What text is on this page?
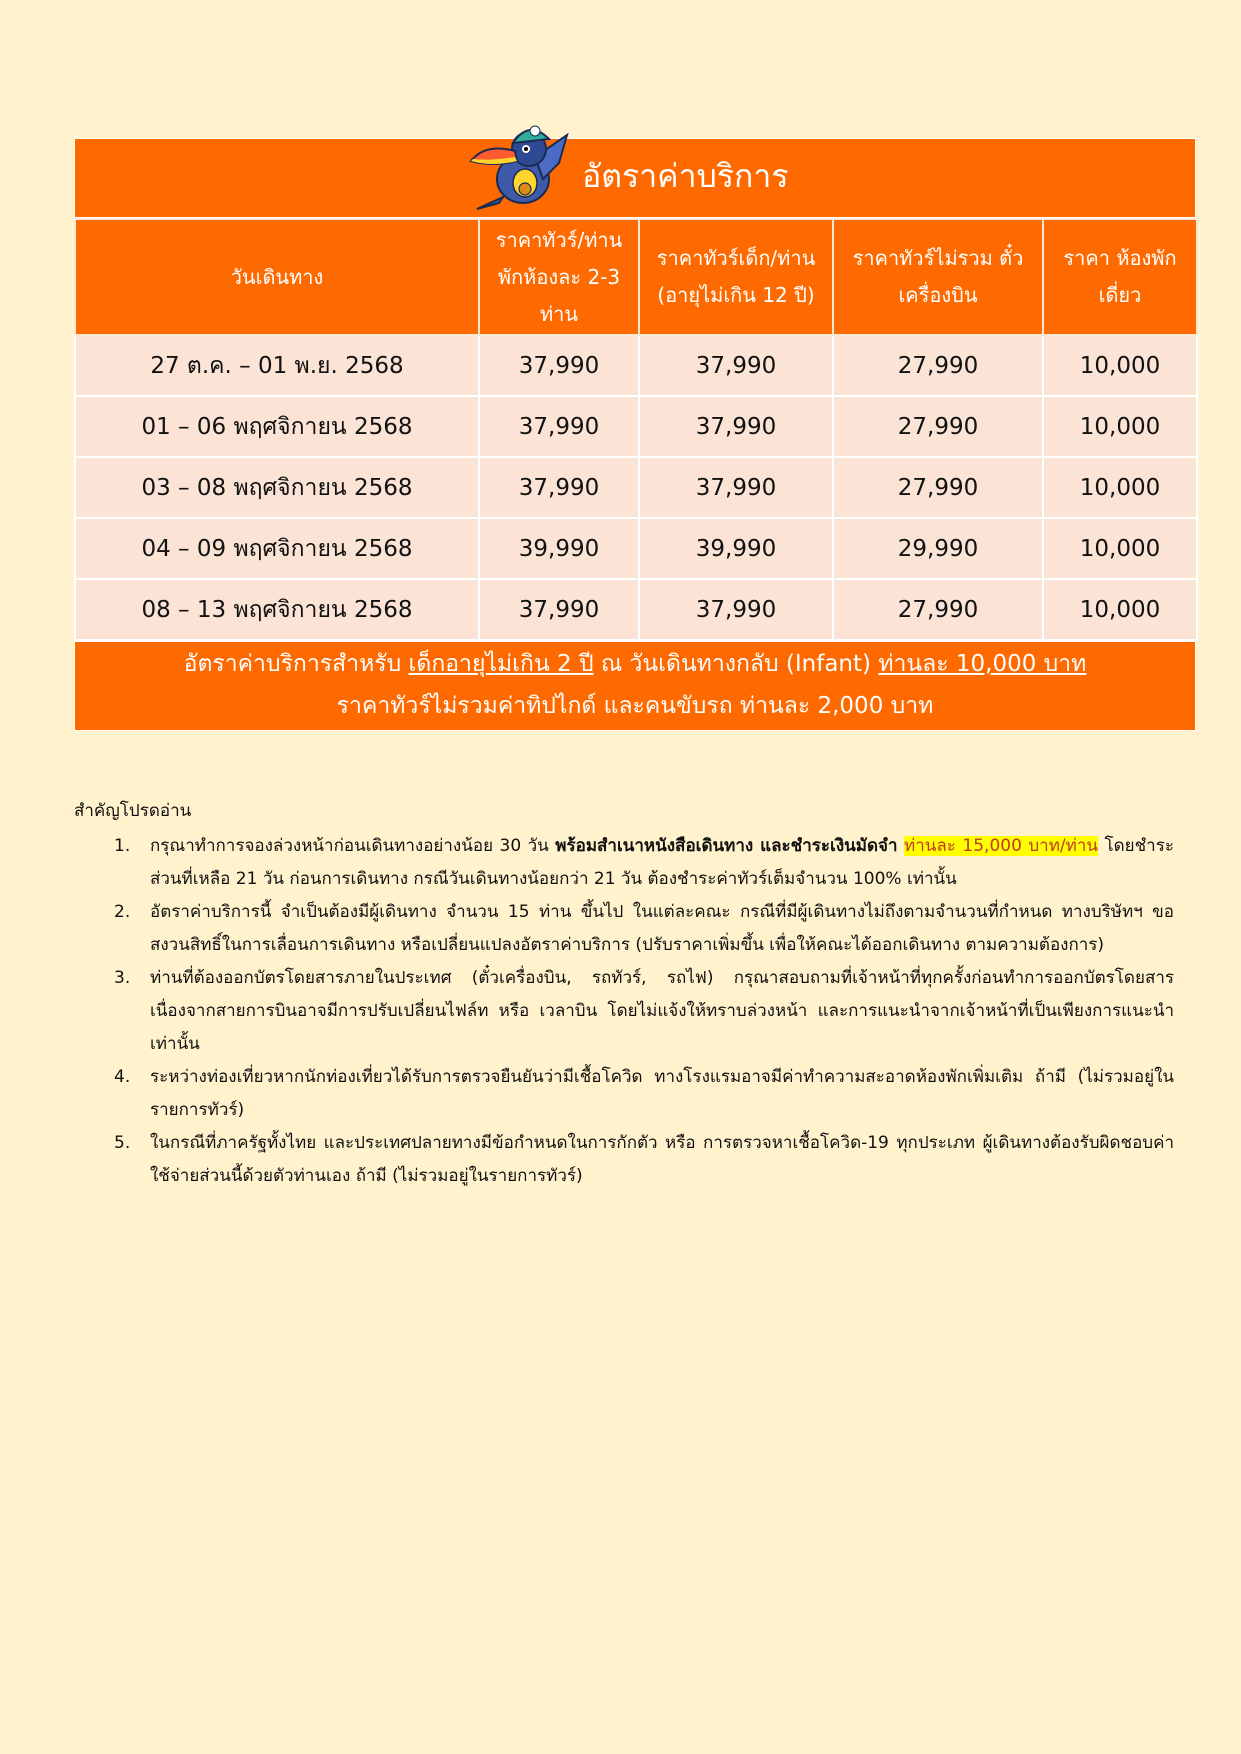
อัตราค่าบริการ
วันเดินทาง	ราคาทัวร์/ท่าน พักห้องละ 2-3 ท่าน	ราคาทัวร์เด็ก/ท่าน (อายุไม่เกิน 12 ปี)	ราคาทัวร์ไม่รวม ตั๋วเครื่องบิน	ราคา ห้องพักเดี่ยว
27 ต.ค. – 01 พ.ย. 2568	37,990	37,990	27,990	10,000
01 – 06 พฤศจิกายน 2568	37,990	37,990	27,990	10,000
03 – 08 พฤศจิกายน 2568	37,990	37,990	27,990	10,000
04 – 09 พฤศจิกายน 2568	39,990	39,990	29,990	10,000
08 – 13 พฤศจิกายน 2568	37,990	37,990	27,990	10,000
อัตราค่าบริการสำหรับ เด็กอายุไม่เกิน 2 ปี ณ วันเดินทางกลับ (Infant) ท่านละ 10,000 บาท
ราคาทัวร์ไม่รวมค่าทิปไกด์ และคนขับรถ ท่านละ 2,000 บาท
สำคัญโปรดอ่าน
1. กรุณาทำการจองล่วงหน้าก่อนเดินทางอย่างน้อย 30 วัน พร้อมสำเนาหนังสือเดินทาง และชำระเงินมัดจำ ท่านละ 15,000 บาท/ท่าน โดยชำระส่วนที่เหลือ 21 วัน ก่อนการเดินทาง กรณีวันเดินทางน้อยกว่า 21 วัน ต้องชำระค่าทัวร์เต็มจำนวน 100% เท่านั้น
2. อัตราค่าบริการนี้ จำเป็นต้องมีผู้เดินทาง จำนวน 15 ท่าน ขึ้นไป ในแต่ละคณะ กรณีที่มีผู้เดินทางไม่ถึงตามจำนวนที่กำหนด ทางบริษัทฯ ขอสงวนสิทธิ์ในการเลื่อนการเดินทาง หรือเปลี่ยนแปลงอัตราค่าบริการ (ปรับราคาเพิ่มขึ้น เพื่อให้คณะได้ออกเดินทาง ตามความต้องการ)
3. ท่านที่ต้องออกบัตรโดยสารภายในประเทศ (ตั๋วเครื่องบิน, รถทัวร์, รถไฟ) กรุณาสอบถามที่เจ้าหน้าที่ทุกครั้งก่อนทำการออกบัตรโดยสาร เนื่องจากสายการบินอาจมีการปรับเปลี่ยนไฟล์ท หรือ เวลาบิน โดยไม่แจ้งให้ทราบล่วงหน้า และการแนะนำจากเจ้าหน้าที่เป็นเพียงการแนะนำเท่านั้น
4. ระหว่างท่องเที่ยวหากนักท่องเที่ยวได้รับการตรวจยืนยันว่ามีเชื้อโควิด ทางโรงแรมอาจมีค่าทำความสะอาดห้องพักเพิ่มเติม ถ้ามี (ไม่รวมอยู่ในรายการทัวร์)
5. ในกรณีที่ภาครัฐทั้งไทย และประเทศปลายทางมีข้อกำหนดในการกักตัว หรือ การตรวจหาเชื้อโควิด-19 ทุกประเภท ผู้เดินทางต้องรับผิดชอบค่าใช้จ่ายส่วนนี้ด้วยตัวท่านเอง ถ้ามี (ไม่รวมอยู่ในรายการทัวร์)
